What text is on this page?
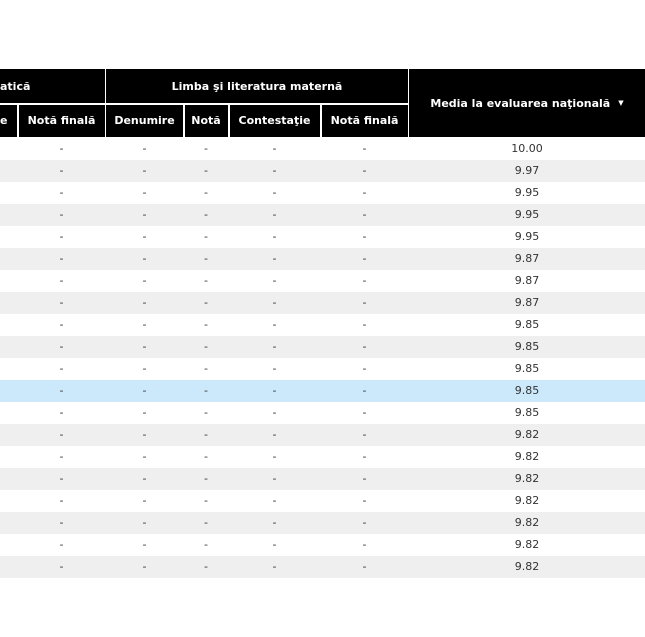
atică	Limba şi literatura maternă
e	Notă finală	Denumire	Notă	Contestaţie	Notă finală
Media la evaluarea naţională ▼
-	-	-	-	-	10.00
-	-	-	-	-	9.97
-	-	-	-	-	9.95
-	-	-	-	-	9.95
-	-	-	-	-	9.95
-	-	-	-	-	9.87
-	-	-	-	-	9.87
-	-	-	-	-	9.87
-	-	-	-	-	9.85
-	-	-	-	-	9.85
-	-	-	-	-	9.85
-	-	-	-	-	9.85
-	-	-	-	-	9.85
-	-	-	-	-	9.82
-	-	-	-	-	9.82
-	-	-	-	-	9.82
-	-	-	-	-	9.82
-	-	-	-	-	9.82
-	-	-	-	-	9.82
-	-	-	-	-	9.82
